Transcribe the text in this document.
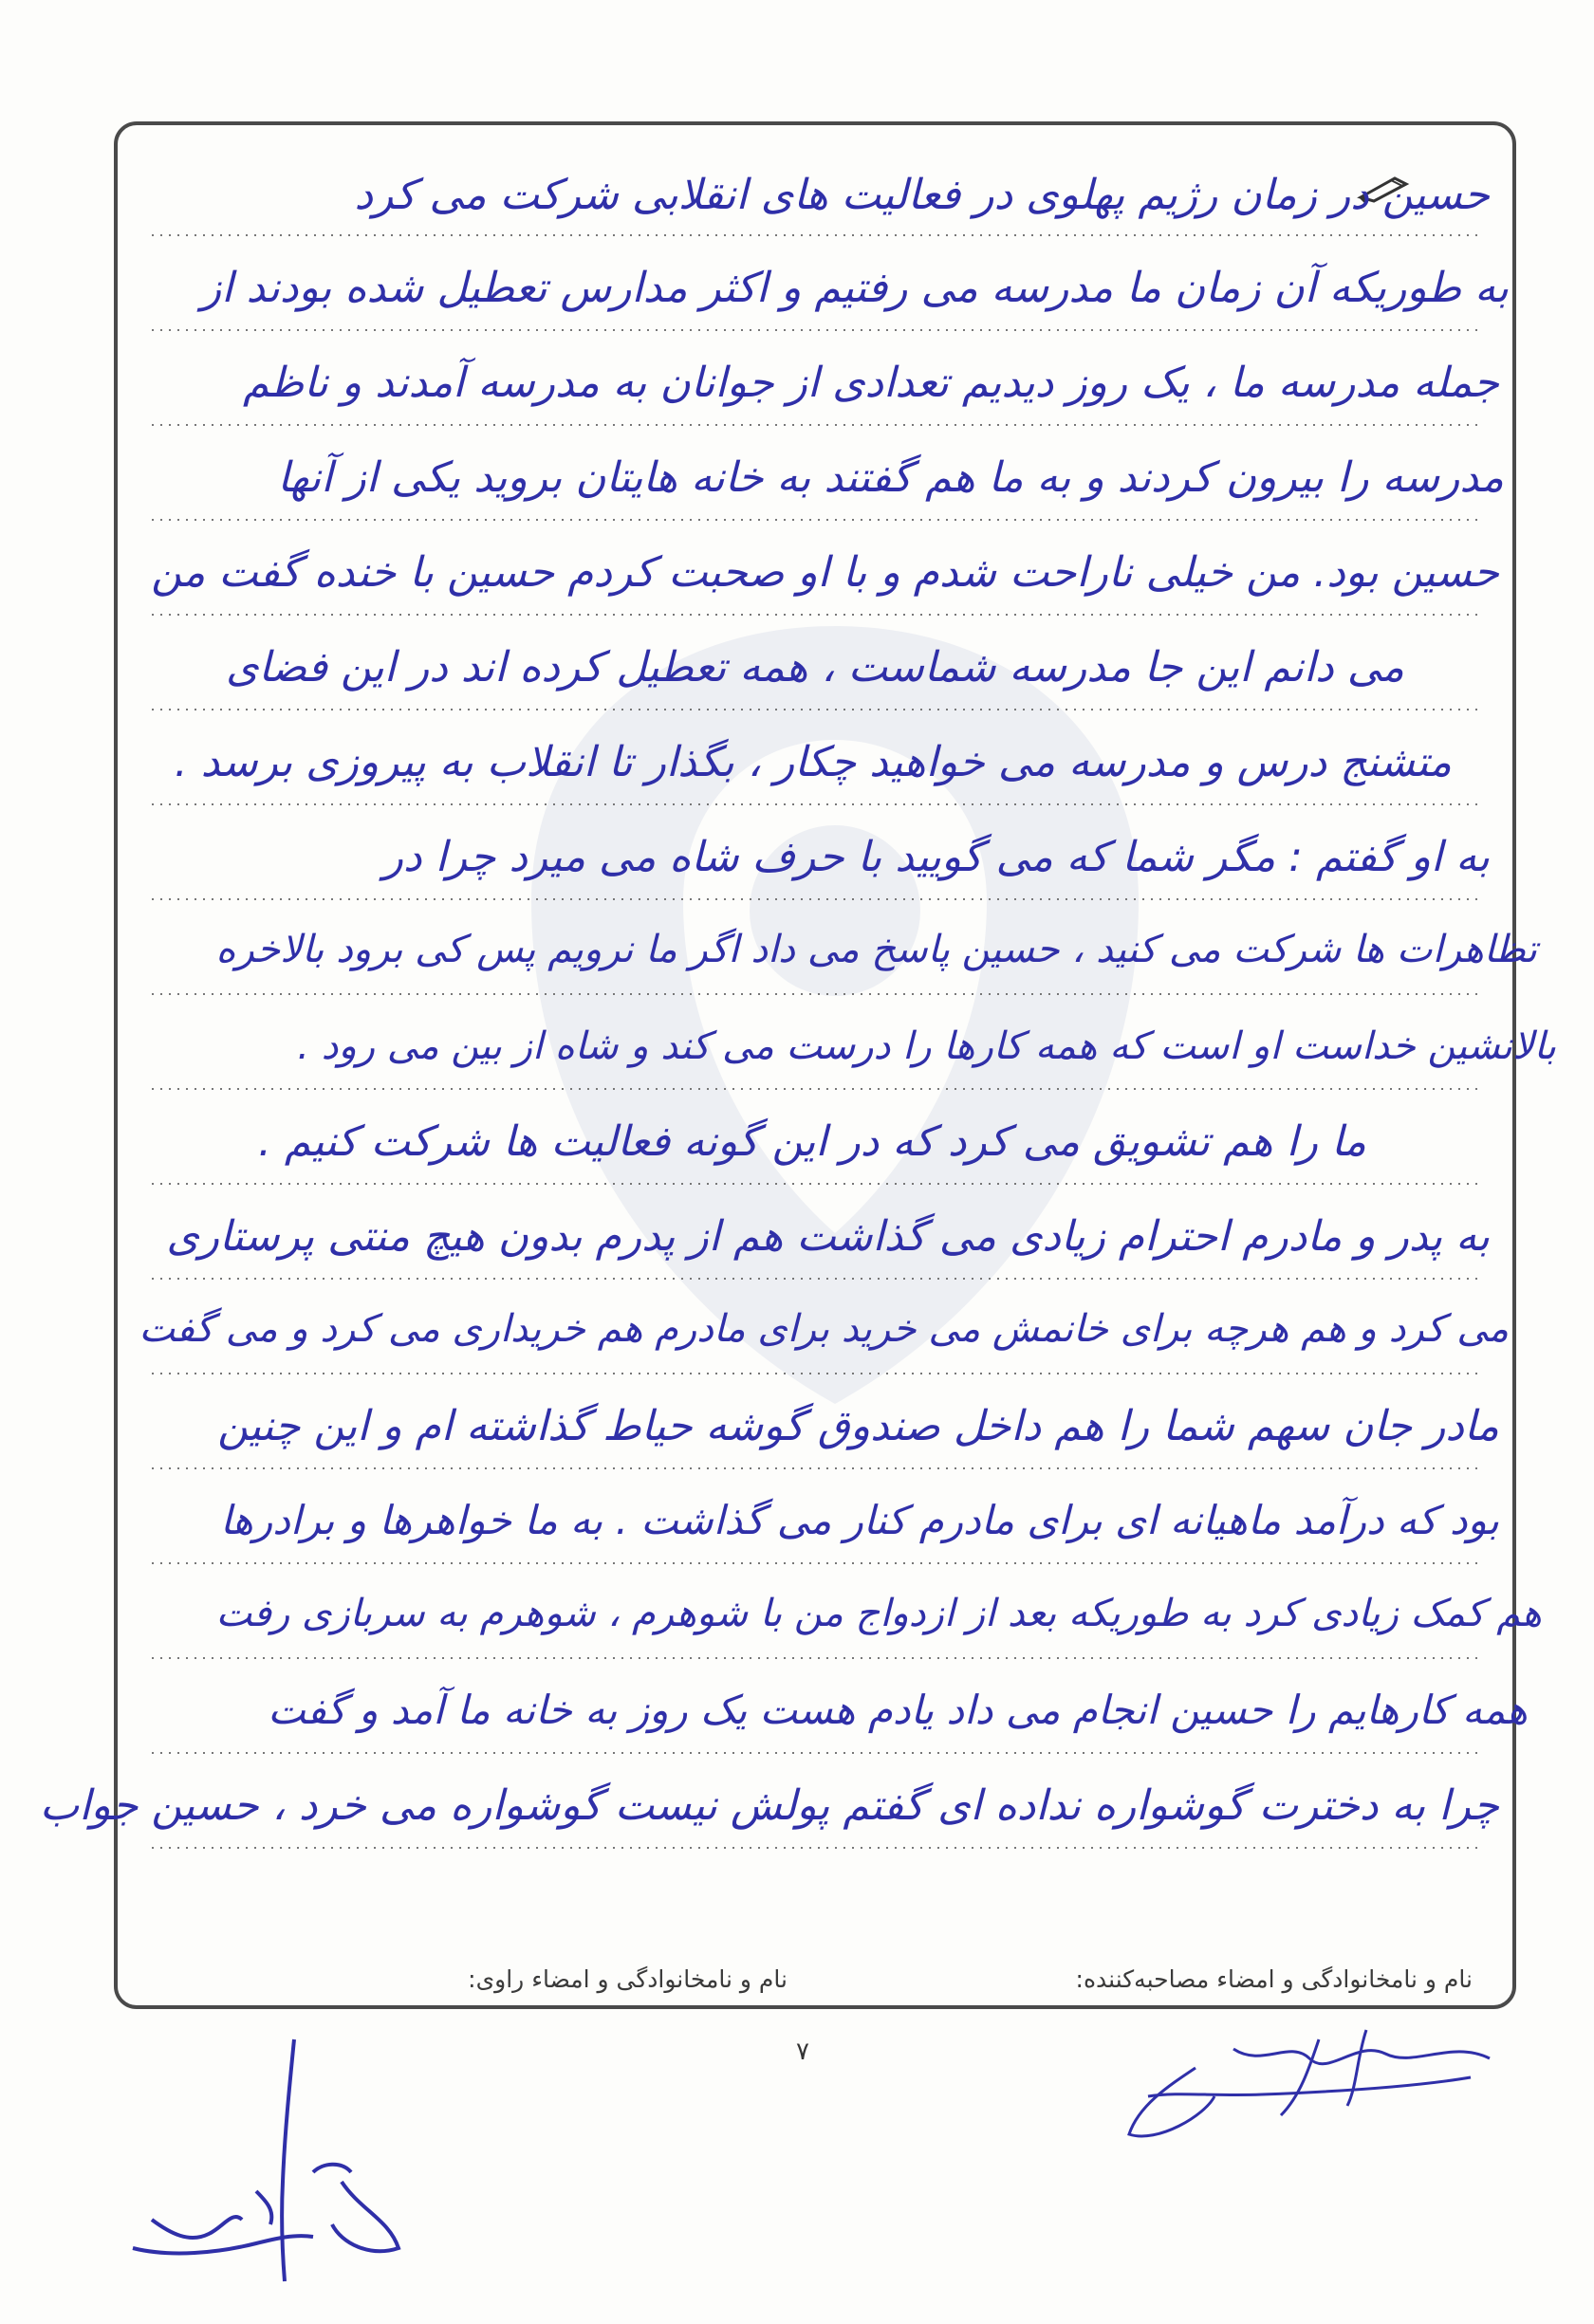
حسین در زمان رژیم پهلوی در فعالیت های انقلابی شرکت می کرد
به طوریکه آن زمان ما مدرسه می رفتیم و اکثر مدارس تعطیل شده بودند از
جمله مدرسه ما ، یک روز دیدیم تعدادی از جوانان به مدرسه آمدند و ناظم
مدرسه را بیرون کردند و به ما هم گفتند به خانه هایتان بروید یکی از آنها
حسین بود. من خیلی ناراحت شدم و با او صحبت کردم حسین با خنده گفت من
می دانم این جا مدرسه شماست ، همه تعطیل کرده اند در این فضای
متشنج درس و مدرسه می خواهید چکار ، بگذار تا انقلاب به پیروزی برسد .
به او گفتم : مگر شما که می گویید با حرف شاه می میرد چرا در
تظاهرات ها شرکت می کنید ، حسین پاسخ می داد اگر ما نرویم پس کی برود بالاخره
بالانشین خداست او است که همه کارها را درست می کند و شاه از بین می رود .
ما را هم تشویق می کرد که در این گونه فعالیت ها شرکت کنیم .
به پدر و مادرم احترام زیادی می گذاشت هم از پدرم بدون هیچ منتی پرستاری
می کرد و هم هرچه برای خانمش می خرید برای مادرم هم خریداری می کرد و می گفت
مادر جان سهم شما را هم داخل صندوق گوشه حیاط گذاشته ام و این چنین
بود که درآمد ماهیانه ای برای مادرم کنار می گذاشت . به ما خواهرها و برادرها
هم کمک زیادی کرد به طوریکه بعد از ازدواج من با شوهرم ، شوهرم به سربازی رفت
همه کارهایم را حسین انجام می داد یادم هست یک روز به خانه ما آمد و گفت
چرا به دخترت گوشواره نداده ای گفتم پولش نیست گوشواره می خرد ، حسین جواب
نام و نامخانوادگی و امضاء مصاحبه‌کننده:
نام و نامخانوادگی و امضاء راوی:
۷
